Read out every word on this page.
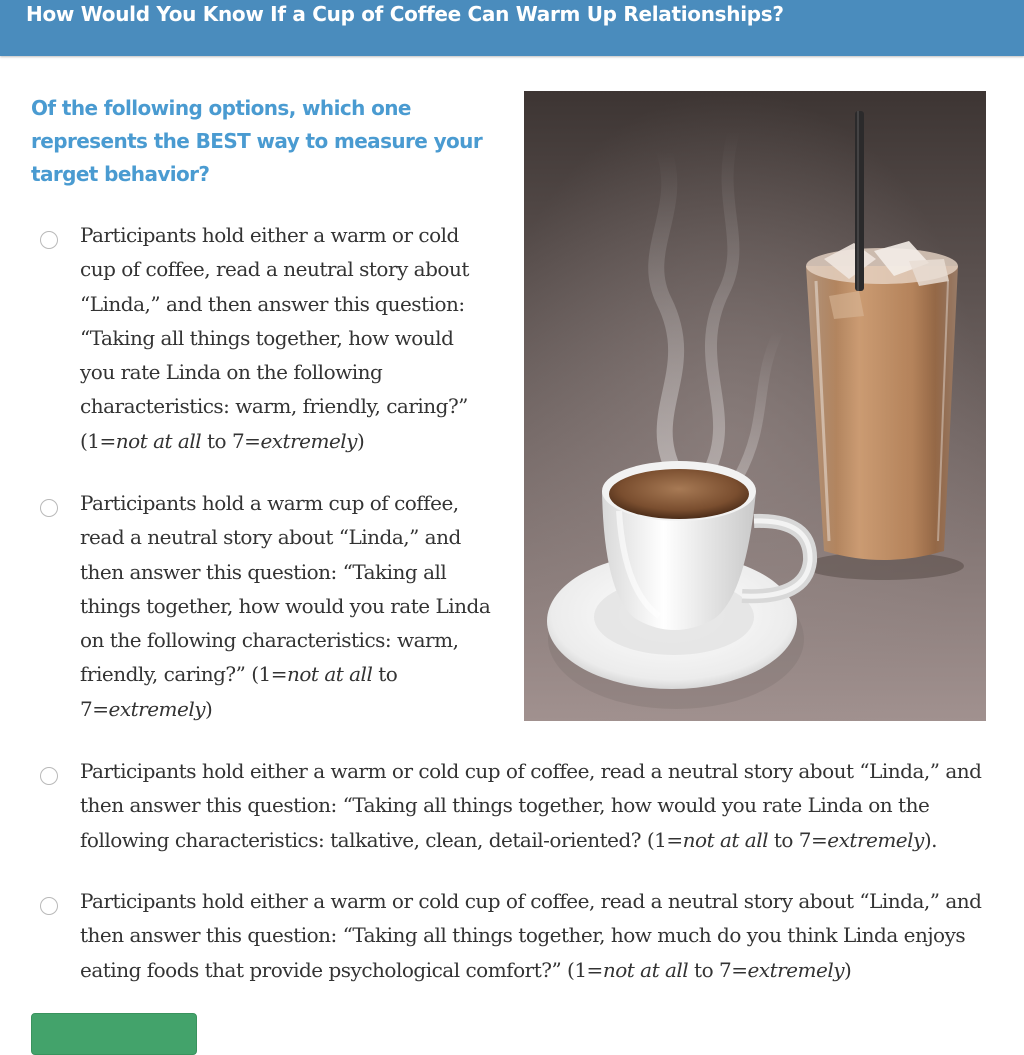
How Would You Know If a Cup of Coffee Can Warm Up Relationships?
Of the following options, which one represents the BEST way to measure your target behavior?
Participants hold either a warm or cold cup of coffee, read a neutral story about “Linda,” and then answer this question: “Taking all things together, how would you rate Linda on the following characteristics: warm, friendly, caring?” (1=not at all to 7=extremely)
Participants hold a warm cup of coffee, read a neutral story about “Linda,” and then answer this question: “Taking all things together, how would you rate Linda on the following characteristics: warm, friendly, caring?” (1=not at all to 7=extremely)
Participants hold either a warm or cold cup of coffee, read a neutral story about “Linda,” and then answer this question: “Taking all things together, how would you rate Linda on the following characteristics: talkative, clean, detail-oriented? (1=not at all to 7=extremely).
Participants hold either a warm or cold cup of coffee, read a neutral story about “Linda,” and then answer this question: “Taking all things together, how much do you think Linda enjoys eating foods that provide psychological comfort?” (1=not at all to 7=extremely)
